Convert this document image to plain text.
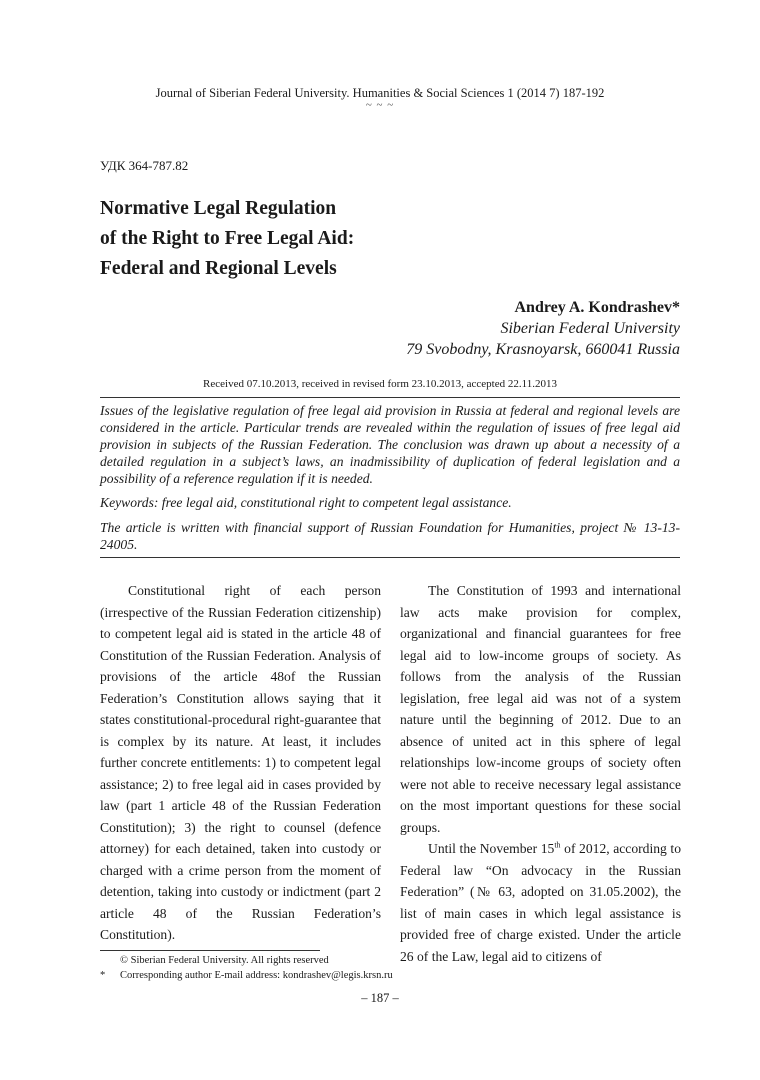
Journal of Siberian Federal University. Humanities & Social Sciences 1 (2014 7) 187-192
~ ~ ~
УДК 364-787.82
Normative Legal Regulation
of the Right to Free Legal Aid:
Federal and Regional Levels
Andrey A. Kondrashev*
Siberian Federal University
79 Svobodny, Krasnoyarsk, 660041 Russia
Received 07.10.2013, received in revised form 23.10.2013, accepted 22.11.2013

Issues of the legislative regulation of free legal aid provision in Russia at federal and regional levels are considered in the article. Particular trends are revealed within the regulation of issues of free legal aid provision in subjects of the Russian Federation. The conclusion was drawn up about a necessity of a detailed regulation in a subject’s laws, an inadmissibility of duplication of federal legislation and a possibility of a reference regulation if it is needed.

Keywords: free legal aid, constitutional right to competent legal assistance.

The article is written with financial support of Russian Foundation for Humanities, project № 13-13-24005.

Constitutional right of each person (irrespective of the Russian Federation citizenship) to competent legal aid is stated in the article 48 of Constitution of the Russian Federation. Analysis of provisions of the article 48of the Russian Federation’s Constitution allows saying that it states constitutional-procedural right-guarantee that is complex by its nature. At least, it includes further concrete entitlements: 1) to competent legal assistance; 2) to free legal aid in cases provided by law (part 1 article 48 of the Russian Federation Constitution); 3) the right to counsel (defence attorney) for each detained, taken into custody or charged with a crime person from the moment of detention, taking into custody or indictment (part 2 article 48 of the Russian Federation’s Constitution).

The Constitution of 1993 and international law acts make provision for complex, organizational and financial guarantees for free legal aid to low-income groups of society. As follows from the analysis of the Russian legislation, free legal aid was not of a system nature until the beginning of 2012. Due to an absence of united act in this sphere of legal relationships low-income groups of society often were not able to receive necessary legal assistance on the most important questions for these social groups.

Until the November 15th of 2012, according to Federal law “On advocacy in the Russian Federation” (№ 63, adopted on 31.05.2002), the list of main cases in which legal assistance is provided free of charge existed. Under the article 26 of the Law, legal aid to citizens of

© Siberian Federal University. All rights reserved
* Corresponding author E-mail address: kondrashev@legis.krsn.ru
– 187 –
